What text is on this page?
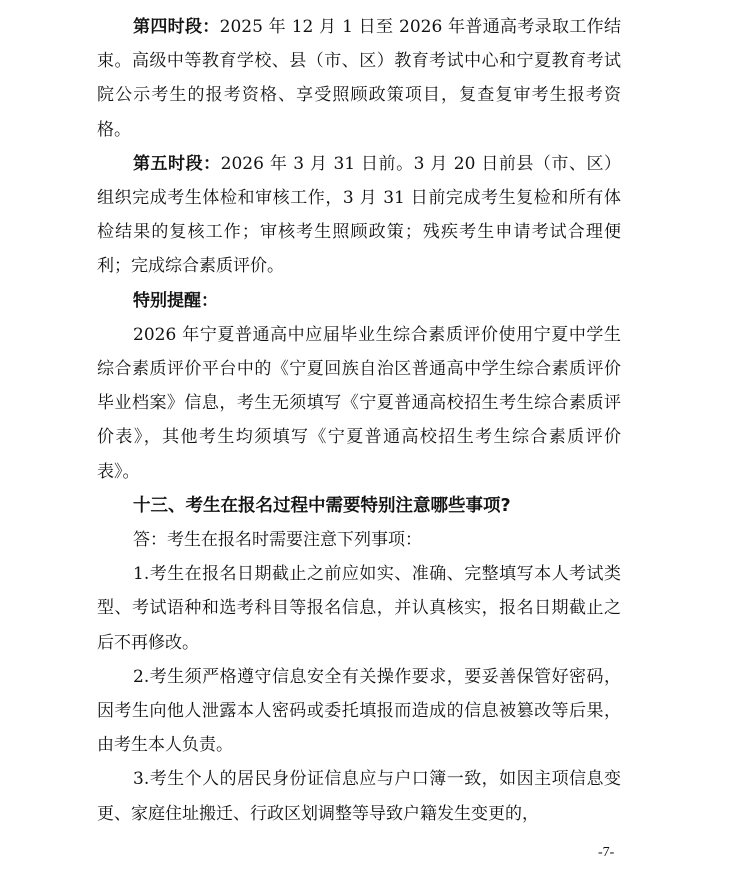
第四时段：2025 年 12 月 1 日至 2026 年普通高考录取工作结束。高级中等教育学校、县（市、区）教育考试中心和宁夏教育考试院公示考生的报考资格、享受照顾政策项目，复查复审考生报考资格。

第五时段：2026 年 3 月 31 日前。3 月 20 日前县（市、区）组织完成考生体检和审核工作，3 月 31 日前完成考生复检和所有体检结果的复核工作；审核考生照顾政策；残疾考生申请考试合理便利；完成综合素质评价。

特别提醒：

2026 年宁夏普通高中应届毕业生综合素质评价使用宁夏中学生综合素质评价平台中的《宁夏回族自治区普通高中学生综合素质评价毕业档案》信息，考生无须填写《宁夏普通高校招生考生综合素质评价表》，其他考生均须填写《宁夏普通高校招生考生综合素质评价表》。

十三、考生在报名过程中需要特别注意哪些事项?

答：考生在报名时需要注意下列事项：

1.考生在报名日期截止之前应如实、准确、完整填写本人考试类型、考试语种和选考科目等报名信息，并认真核实，报名日期截止之后不再修改。

2.考生须严格遵守信息安全有关操作要求，要妥善保管好密码，因考生向他人泄露本人密码或委托填报而造成的信息被篡改等后果，由考生本人负责。

3.考生个人的居民身份证信息应与户口簿一致，如因主项信息变更、家庭住址搬迁、行政区划调整等导致户籍发生变更的，

-7-
